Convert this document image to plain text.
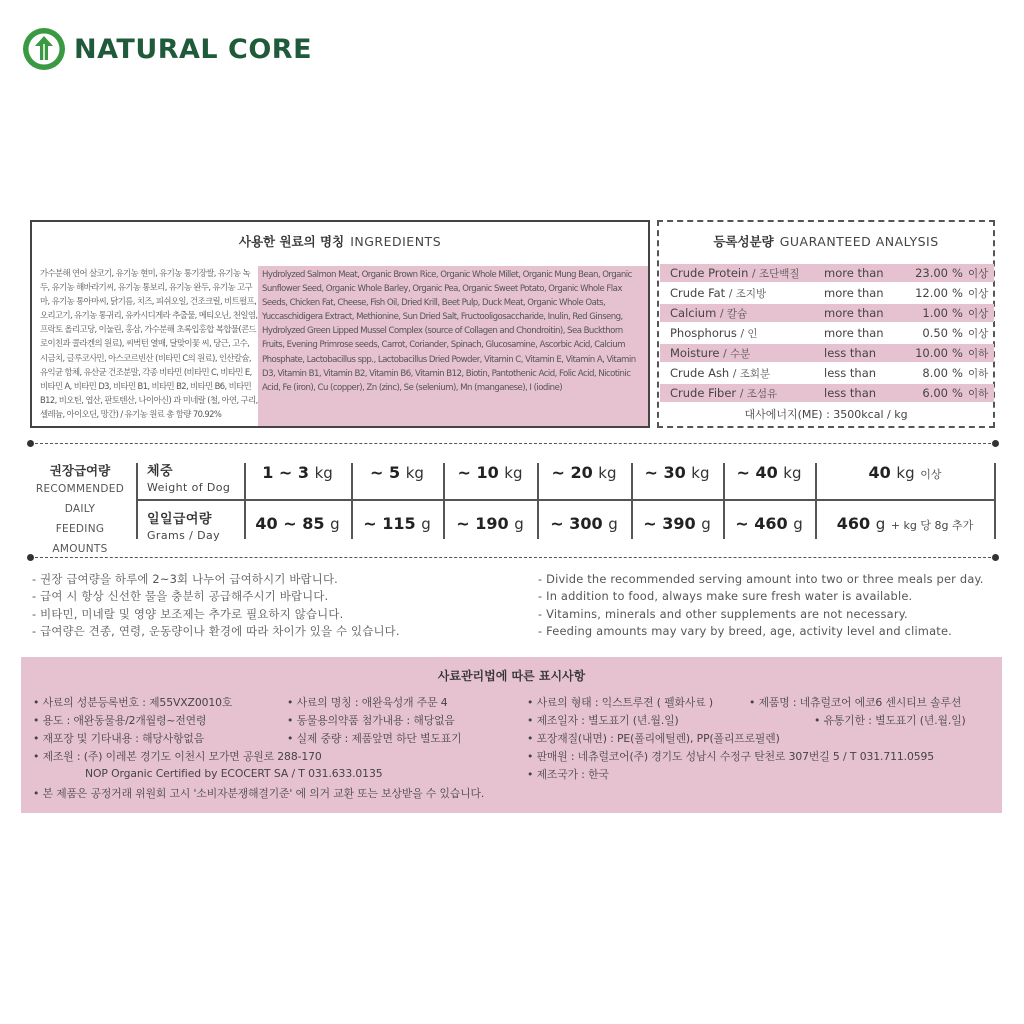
NATURAL CORE
사용한 원료의 명칭 INGREDIENTS
가수분해 연어 살코기, 유기농 현미, 유기농 통기장쌀, 유기농 녹두, 유기농 해바라기씨, 유기농 통보리, 유기농 완두, 유기농 고구마, 유기농 통아마씨, 닭기름, 치즈, 피쉬오일, 건조크릴, 비트펄프, 오리고기, 유기농 통귀리, 유카시디게라 추출물, 메티오닌, 천일염, 프락토 올리고당, 이눌린, 홍삼, 가수분해 초록입홍합 복합물(콘드로이친과 콜라겐의 원료), 씨벅턴 열매, 달맞이꽃 씨, 당근, 고수, 시금치, 글루코사민, 아스코르빈산 (비타민 C의 원료), 인산칼슘, 유익균 함체, 유산균 건조분말, 각종 비타민 (비타민 C, 비타민 E, 비타민 A, 비타민 D3, 비타민 B1, 비타민 B2, 비타민 B6, 비타민 B12, 비오틴, 엽산, 판토텐산, 나이아신) 과 미네랄 (철, 아연, 구리, 셀레늄, 아이오딘, 망간) / 유기농 원료 총 함량 70.92%
Hydrolyzed Salmon Meat, Organic Brown Rice, Organic Whole Millet, Organic Mung Bean, Organic Sunflower Seed, Organic Whole Barley, Organic Pea, Organic Sweet Potato, Organic Whole Flax Seeds, Chicken Fat, Cheese, Fish Oil, Dried Krill, Beet Pulp, Duck Meat, Organic Whole Oats, Yuccaschidigera Extract, Methionine, Sun Dried Salt, Fructooligosaccharide, Inulin, Red Ginseng, Hydrolyzed Green Lipped Mussel Complex (source of Collagen and Chondroitin), Sea Buckthorn Fruits, Evening Primrose seeds, Carrot, Coriander, Spinach, Glucosamine, Ascorbic Acid, Calcium Phosphate, Lactobacillus spp., Lactobacillus Dried Powder, Vitamin C, Vitamin E, Vitamin A, Vitamin D3, Vitamin B1, Vitamin B2, Vitamin B6, Vitamin B12, Biotin, Pantothenic Acid, Folic Acid, Nicotinic Acid, Fe (iron), Cu (copper), Zn (zinc), Se (selenium), Mn (manganese), I (iodine)
등록성분량 GUARANTEED ANALYSIS
Crude Protein / 조단백질 more than	23.00 % 이상
Crude Fat / 조지방	more than	12.00 % 이상
Calcium / 칼슘	more than	1.00 % 이상
Phosphorus / 인	more than	0.50 % 이상
Moisture / 수분	less than	10.00 % 이하
Crude Ash / 조회분	less than	8.00 % 이하
Crude Fiber / 조섬유	less than	6.00 % 이하
대사에너지(ME) : 3500kcal / kg
권장급여량
RECOMMENDED
DAILY
FEEDING AMOUNTS
체중
Weight of Dog
일일급여량
Grams / Day
1 ~ 3 kg	~ 5 kg	~ 10 kg	~ 20 kg	~ 30 kg	~ 40 kg	40 kg 이상
40 ~ 85 g	~ 115 g	~ 190 g	~ 300 g	~ 390 g	~ 460 g	460 g + kg 당 8g 추가
- 권장 급여량을 하루에 2~3회 나누어 급여하시기 바랍니다.
- 급여 시 항상 신선한 물을 충분히 공급해주시기 바랍니다.
- 비타민, 미네랄 및 영양 보조제는 추가로 필요하지 않습니다.
- 급여량은 견종, 연령, 운동량이나 환경에 따라 차이가 있을 수 있습니다.
- Divide the recommended serving amount into two or three meals per day.
- In addition to food, always make sure fresh water is available.
- Vitamins, minerals and other supplements are not necessary.
- Feeding amounts may vary by breed, age, activity level and climate.
사료관리법에 따른 표시사항
• 사료의 성분등록번호 : 제55VXZ0010호
• 용도 : 애완동물용/2개월령~전연령
• 재포장 및 기타내용 : 해당사항없음
• 제조원 : (주) 이레본 경기도 이천시 모가면 공원로 288-170
NOP Organic Certified by ECOCERT SA / T 031.633.0135
• 본 제품은 공정거래 위원회 고시 '소비자분쟁해결기준' 에 의거 교환 또는 보상받을 수 있습니다.
• 사료의 명칭 : 애완육성개 주문 4
• 동물용의약품 첨가내용 : 해당없음
• 실제 중량 : 제품앞면 하단 별도표기
• 사료의 형태 : 익스트루젼 ( 펠화사료 )
• 제조일자 : 별도표기 (년.월.일)
• 포장재질(내면) : PE(폴리에틸렌), PP(폴리프로필렌)
• 판매원 : 네츄럴코어(주) 경기도 성남시 수정구 탄천로 307번길 5 / T 031.711.0595
• 제조국가 : 한국
• 제품명 : 네츄럴코어 에코6 센시티브 솔루션
• 유통기한 : 별도표기 (년.월.일)
